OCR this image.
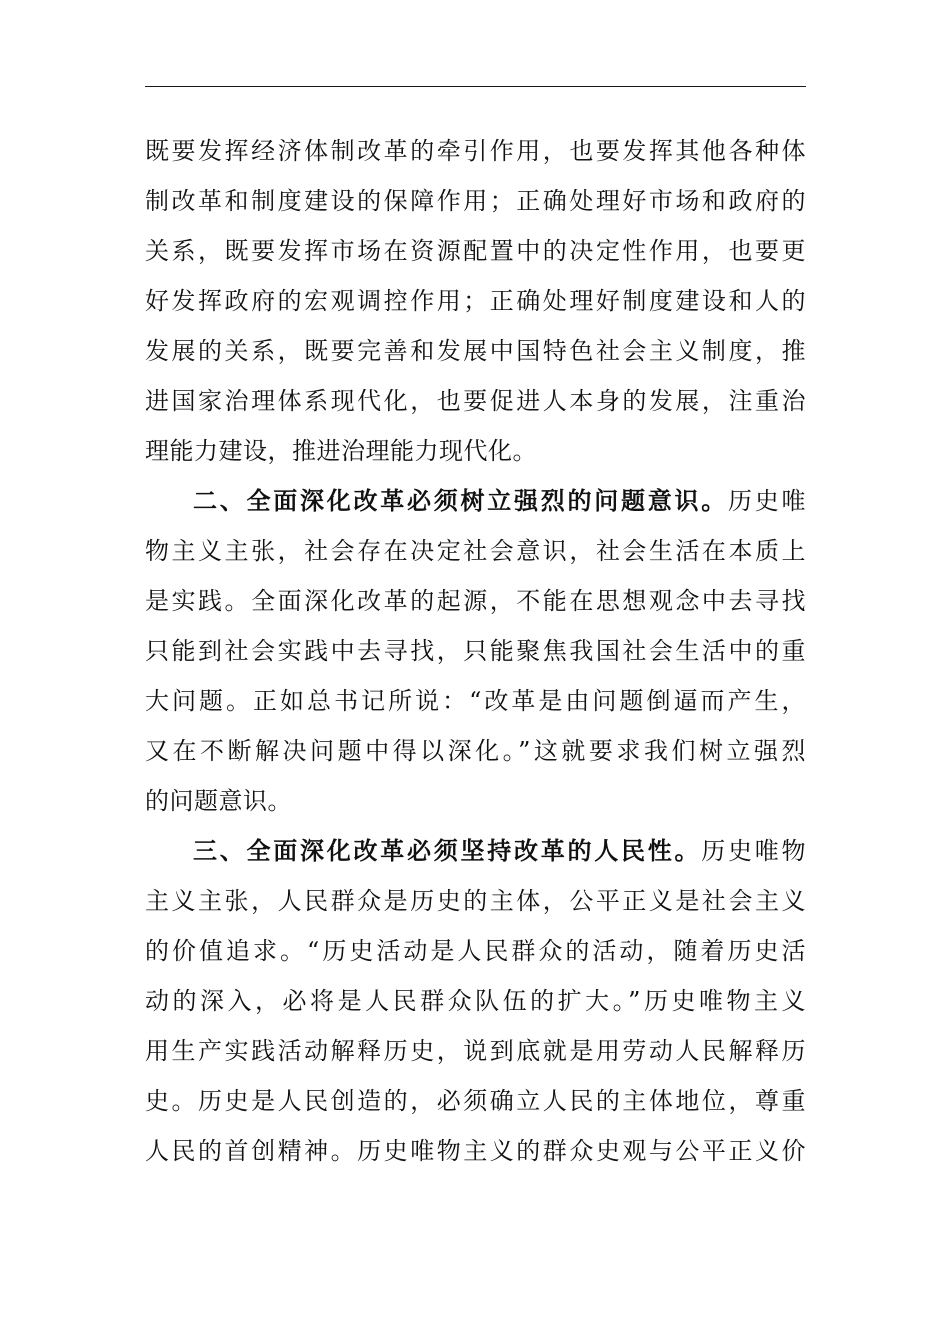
既要发挥经济体制改革的牵引作用，也要发挥其他各种体
制改革和制度建设的保障作用；正确处理好市场和政府的
关系，既要发挥市场在资源配置中的决定性作用，也要更
好发挥政府的宏观调控作用；正确处理好制度建设和人的
发展的关系，既要完善和发展中国特色社会主义制度，推
进国家治理体系现代化，也要促进人本身的发展，注重治
理能力建设，推进治理能力现代化。
二、全面深化改革必须树立强烈的问题意识。历史唯
物主义主张，社会存在决定社会意识，社会生活在本质上
是实践。全面深化改革的起源，不能在思想观念中去寻找
只能到社会实践中去寻找，只能聚焦我国社会生活中的重
大问题。正如总书记所说：“改革是由问题倒逼而产生，
又在不断解决问题中得以深化。”这就要求我们树立强烈
的问题意识。
三、全面深化改革必须坚持改革的人民性。历史唯物
主义主张，人民群众是历史的主体，公平正义是社会主义
的价值追求。“历史活动是人民群众的活动，随着历史活
动的深入，必将是人民群众队伍的扩大。”历史唯物主义
用生产实践活动解释历史，说到底就是用劳动人民解释历
史。历史是人民创造的，必须确立人民的主体地位，尊重
人民的首创精神。历史唯物主义的群众史观与公平正义价
